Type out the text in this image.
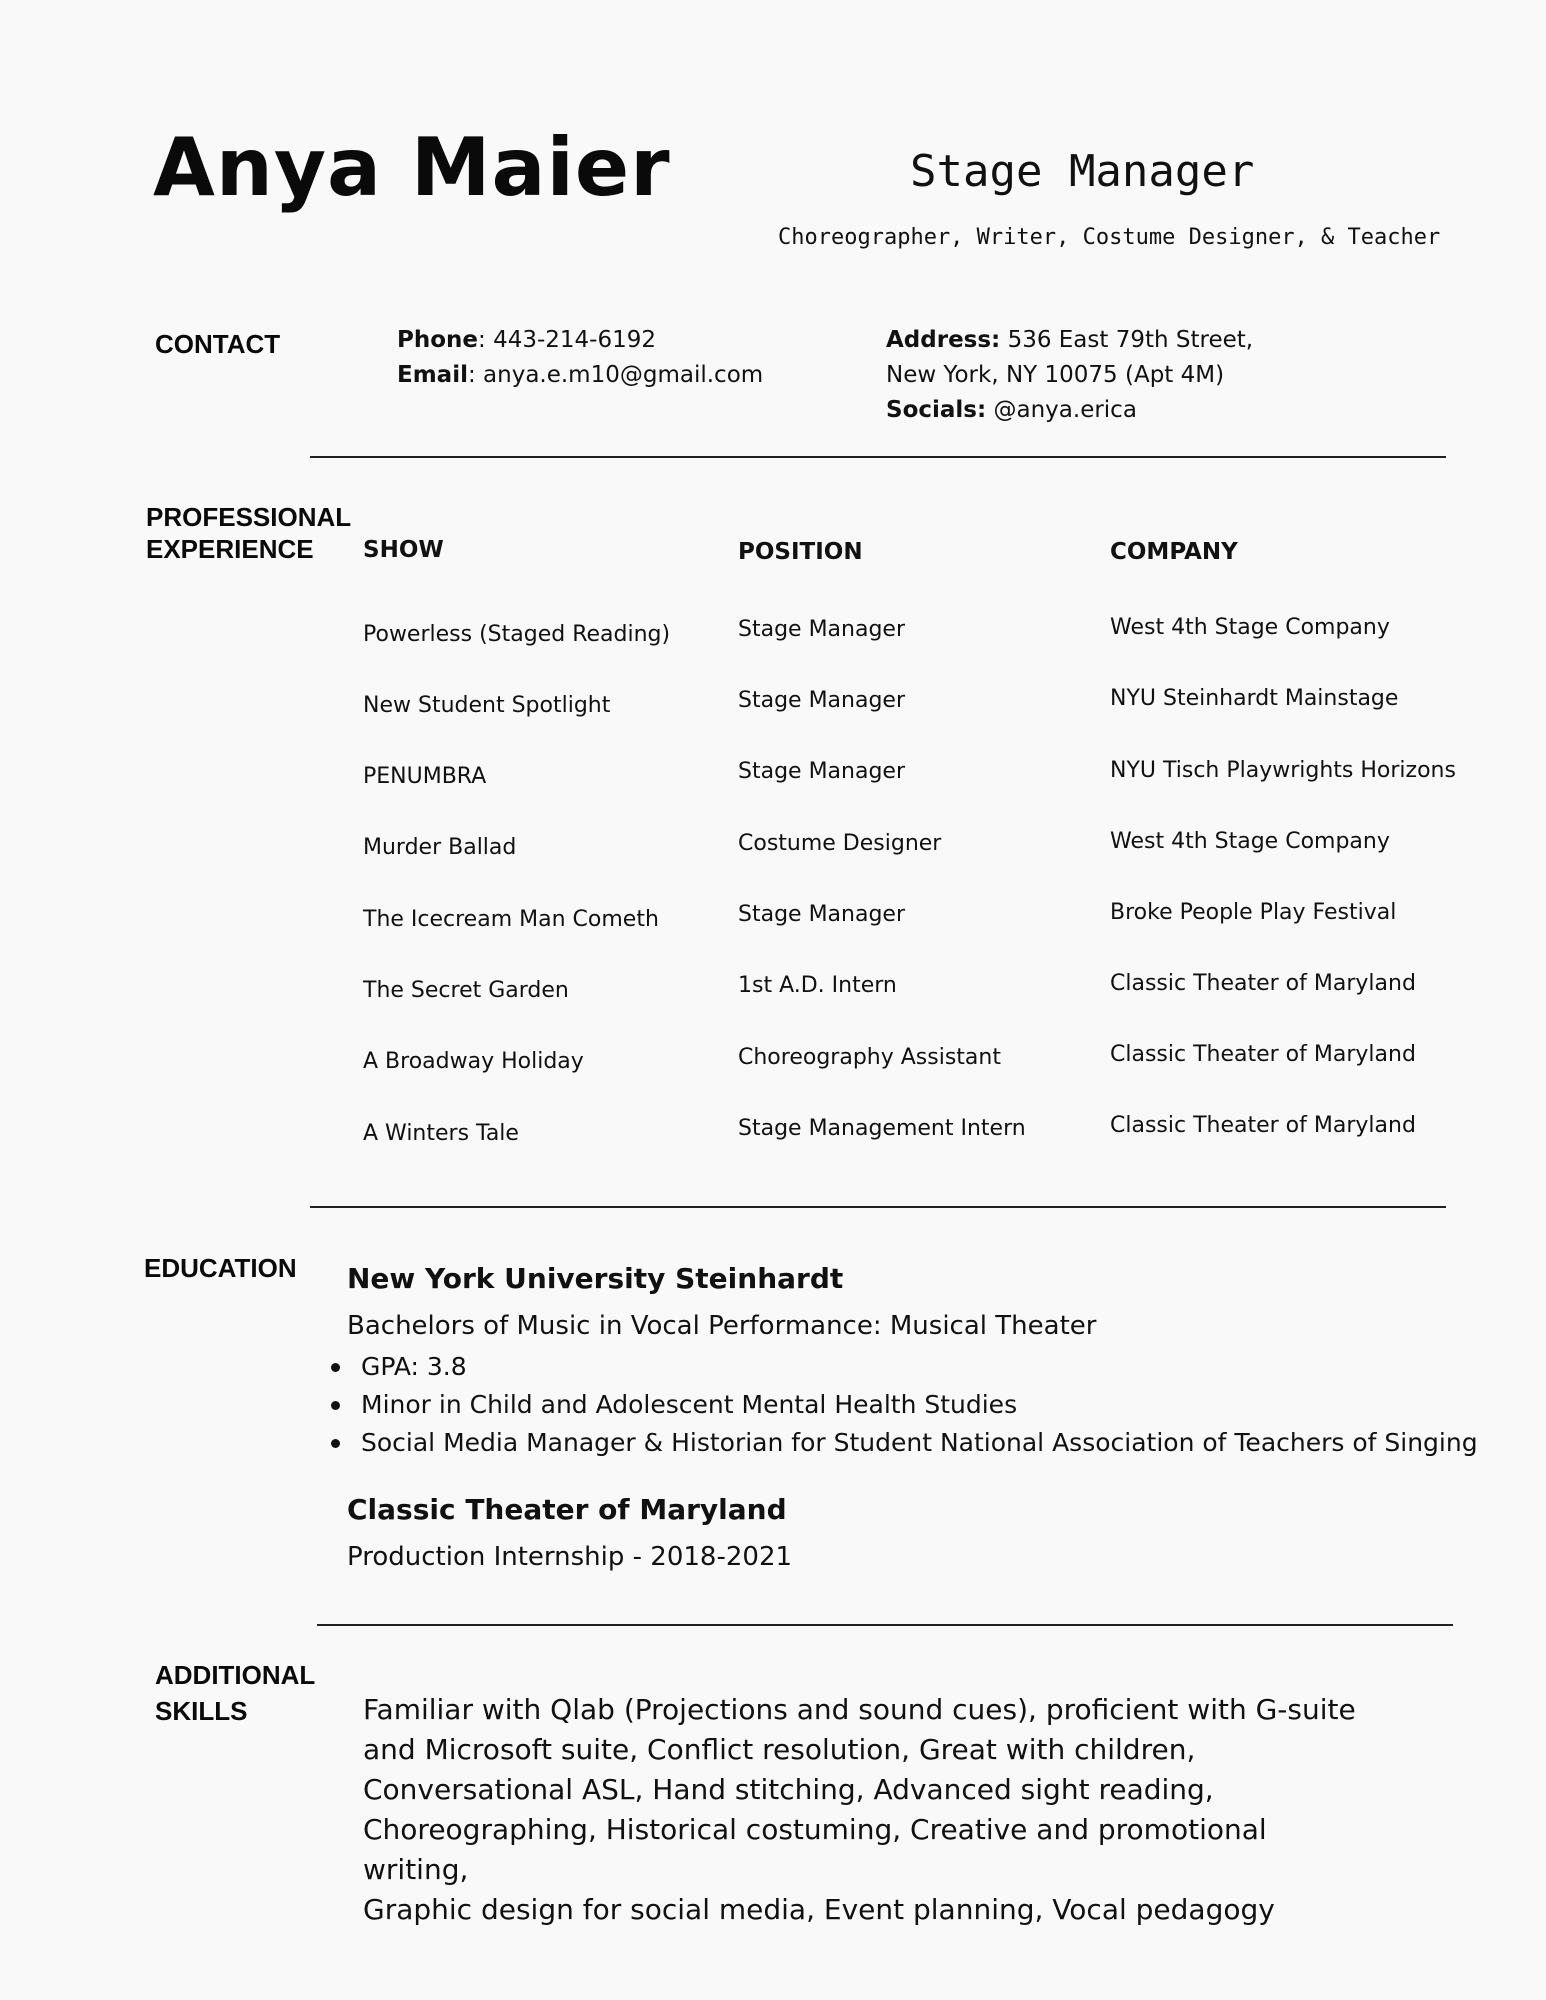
Anya Maier	Stage Manager
Choreographer, Writer, Costume Designer, & Teacher
CONTACT	Phone: 443-214-6192
Email: anya.e.m10@gmail.com
Address: 536 East 79th Street,
New York, NY 10075 (Apt 4M)
Socials: @anya.erica
PROFESSIONAL
EXPERIENCE	SHOW	POSITION	COMPANY
Powerless (Staged Reading)	Stage Manager	West 4th Stage Company
New Student Spotlight	Stage Manager	NYU Steinhardt Mainstage
PENUMBRA	Stage Manager	NYU Tisch Playwrights Horizons
Murder Ballad	Costume Designer	West 4th Stage Company
The Icecream Man Cometh	Stage Manager	Broke People Play Festival
The Secret Garden	1st A.D. Intern	Classic Theater of Maryland
A Broadway Holiday	Choreography Assistant	Classic Theater of Maryland
A Winters Tale	Stage Management Intern	Classic Theater of Maryland
EDUCATION New York University Steinhardt
Bachelors of Music in Vocal Performance: Musical Theater
GPA: 3.8
Minor in Child and Adolescent Mental Health Studies
Social Media Manager & Historian for Student National Association of Teachers of Singing
Classic Theater of Maryland
Production Internship - 2018-2021
ADDITIONAL
SKILLS	Familiar with Qlab (Projections and sound cues), proficient with G-suite
and Microsoft suite, Conflict resolution, Great with children,
Conversational ASL, Hand stitching, Advanced sight reading,
Choreographing, Historical costuming, Creative and promotional writing,
Graphic design for social media, Event planning, Vocal pedagogy
